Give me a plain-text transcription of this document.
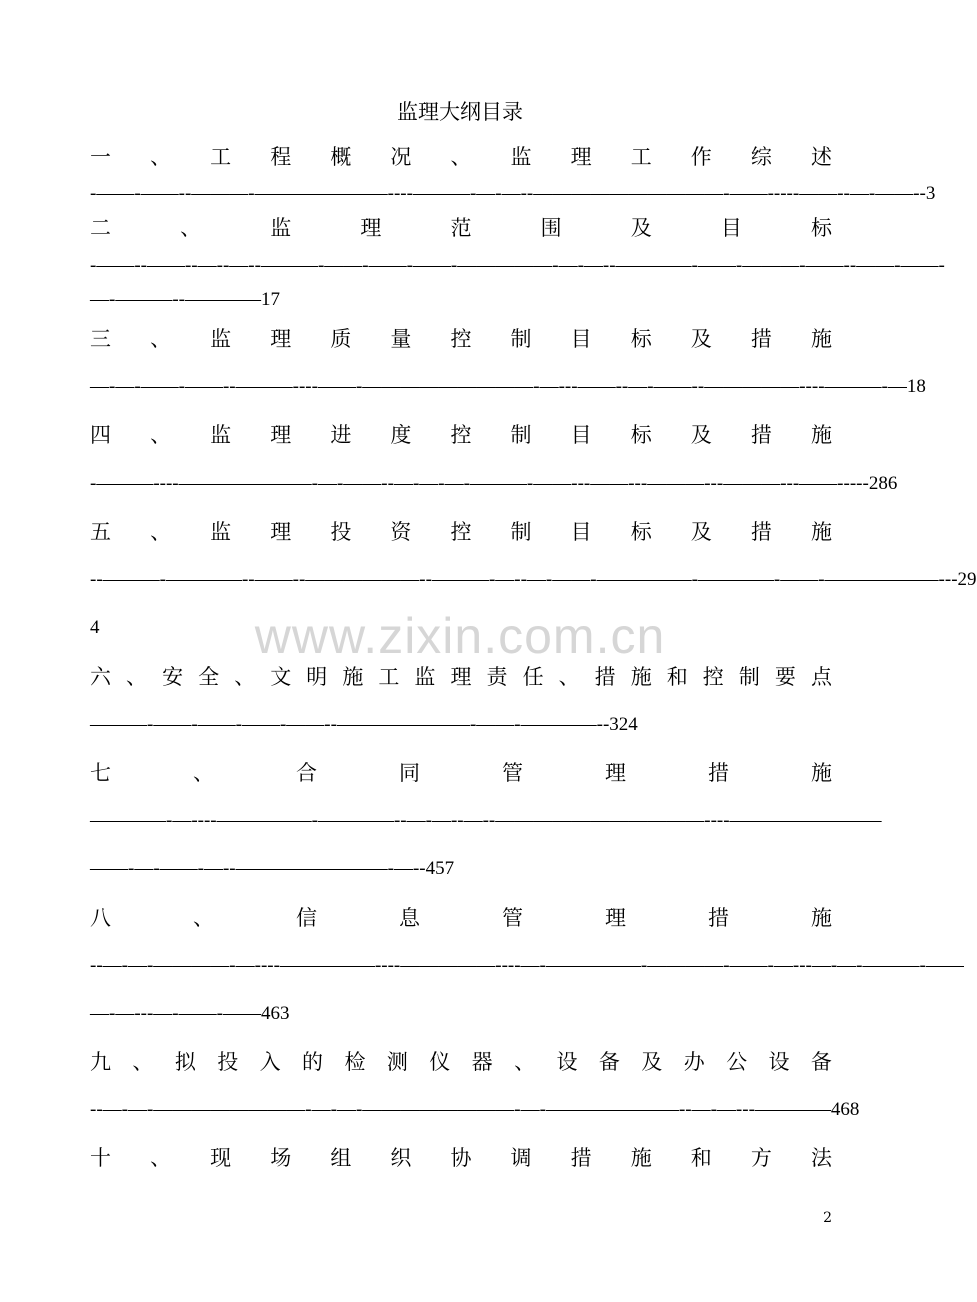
监理大纲目录
一 、 工 程 概 况 、 监 理 工 作 综 述
-——-——--———-———————----———-—-—--——————————-——-----——--—-——--3
二	、	监	理	范	围	及	目	标
-——--——--—--—--———-——-——-——-—————-—-—--————-——-———-——--——-——-
—-———--————17
三 、 监 理 质 量 控 制 目 标 及 措 施
—-—-——-——--———----——-—————————-—---——--—-——--—————----———-—18
四 、 监 理 进 度 控 制 目 标 及 措 施
-———----———————-—-——--—-—-—-———-——---——---———---———---——-----286
五 、 监 理 投 资 控 制 目 标 及 措 施
--———-————--——--——————--———-—--—-——-—————-————-——-——————---29
4
六 、 安 全 、 文 明 施 工 监 理 责 任 、 措 施 和 控 制 要 点
———-——-——-——-——--———————-——-————--324
七	、	合	同	管	理	措	施
————-—----—————-————--—-—--—--———————————----————————
——-—-——-—--————————-—--457
八	、	信	息	管	理	措	施
--—-—-————-—----—————----—————----—-—————-————-——-—---—-—-———-——
—-—---—-——-——463
九 、 拟 投 入 的 检 测 仪 器 、 设 备 及 办 公 设 备
--—-—-————————-—-—-————————-—-———————--—-—---————468
十 、 现 场 组 织 协 调 措 施 和 方 法
www.zixin.com.cn
2
